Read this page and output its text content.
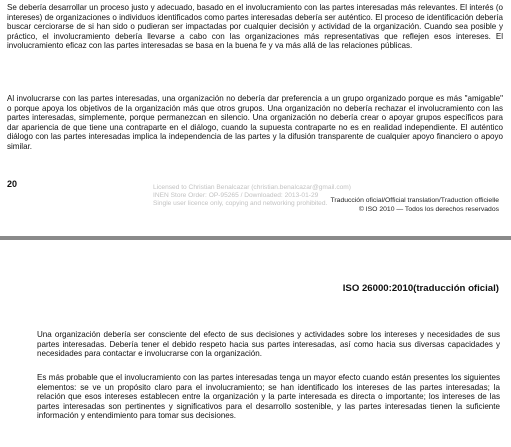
Se debería desarrollar un proceso justo y adecuado, basado en el involucramiento con las partes interesadas más relevantes. El interés (o intereses) de organizaciones o individuos identificados como partes interesadas debería ser auténtico. El proceso de identificación debería buscar cerciorarse de si han sido o pudieran ser impactadas por cualquier decisión y actividad de la organización. Cuando sea posible y práctico, el involucramiento debería llevarse a cabo con las organizaciones más representativas que reflejen esos intereses. El involucramiento eficaz con las partes interesadas se basa en la buena fe y va más allá de las relaciones públicas.

Al involucrarse con las partes interesadas, una organización no debería dar preferencia a un grupo organizado porque es más "amigable" o porque apoya los objetivos de la organización más que otros grupos. Una organización no debería rechazar el involucramiento con las partes interesadas, simplemente, porque permanezcan en silencio. Una organización no debería crear o apoyar grupos específicos para dar apariencia de que tiene una contraparte en el diálogo, cuando la supuesta contraparte no es en realidad independiente. El auténtico diálogo con las partes interesadas implica la independencia de las partes y la difusión transparente de cualquier apoyo financiero o apoyo similar.

20	Licensed to Christian Benalcazar (christian.benalcazar@gmail.com)
INEN Store Order: OP-95265 / Downloaded: 2013-01-29
Single user licence only, copying and networking prohibited. Traducción oficial/Official translation/Traduction officielle
© ISO 2010 — Todos los derechos reservados
ISO 26000:2010(traducción oficial)

Una organización debería ser consciente del efecto de sus decisiones y actividades sobre los intereses y necesidades de sus partes interesadas. Debería tener el debido respeto hacia sus partes interesadas, así como hacia sus diversas capacidades y necesidades para contactar e involucrarse con la organización.

Es más probable que el involucramiento con las partes interesadas tenga un mayor efecto cuando están presentes los siguientes elementos: se ve un propósito claro para el involucramiento; se han identificado los intereses de las partes interesadas; la relación que esos intereses establecen entre la organización y la parte interesada es directa o importante; los intereses de las partes interesadas son pertinentes y significativos para el desarrollo sostenible, y las partes interesadas tienen la suficiente información y entendimiento para tomar sus decisiones.
